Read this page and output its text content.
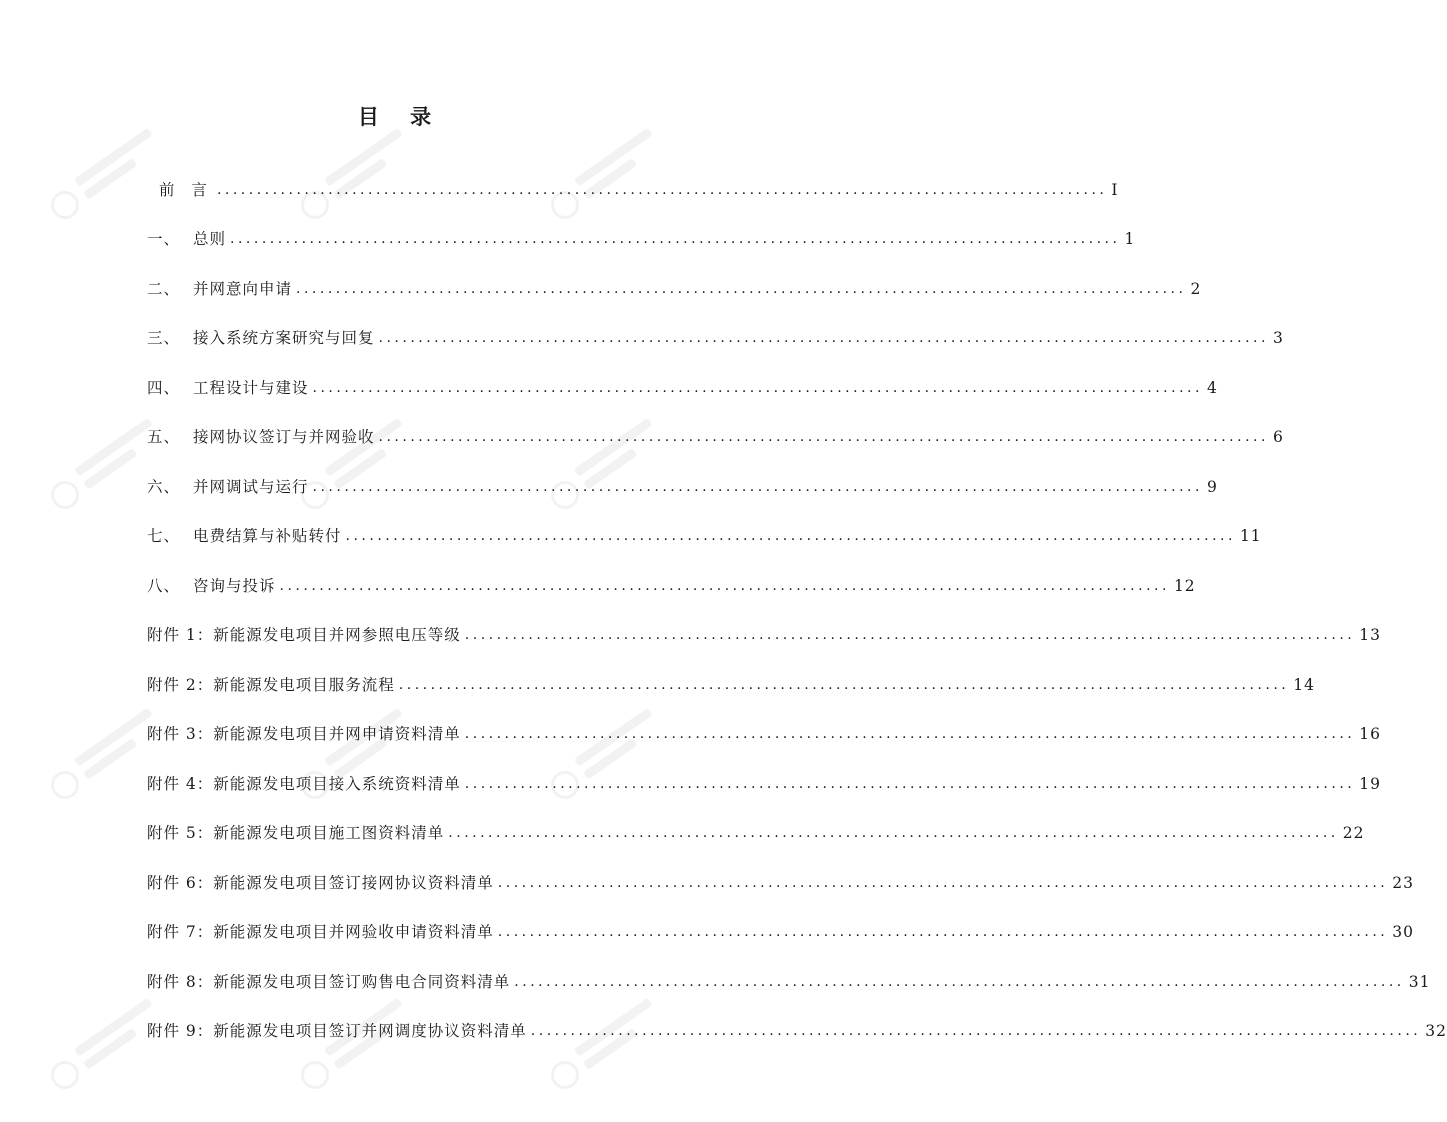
目 录
前 言 ................................................................................................................ I
一、 总则 ................................................................................................................ 1
二、 并网意向申请 ................................................................................................................ 2
三、 接入系统方案研究与回复 ................................................................................................................ 3
四、 工程设计与建设 ................................................................................................................ 4
五、 接网协议签订与并网验收 ................................................................................................................ 6
六、 并网调试与运行 ................................................................................................................ 9
七、 电费结算与补贴转付 ................................................................................................................ 11
八、 咨询与投诉 ................................................................................................................ 12
附件 1：新能源发电项目并网参照电压等级 ................................................................................................................ 13
附件 2：新能源发电项目服务流程 ................................................................................................................ 14
附件 3：新能源发电项目并网申请资料清单 ................................................................................................................ 16
附件 4：新能源发电项目接入系统资料清单 ................................................................................................................ 19
附件 5：新能源发电项目施工图资料清单 ................................................................................................................ 22
附件 6：新能源发电项目签订接网协议资料清单 ................................................................................................................ 23
附件 7：新能源发电项目并网验收申请资料清单 ................................................................................................................ 30
附件 8：新能源发电项目签订购售电合同资料清单 ................................................................................................................ 31
附件 9：新能源发电项目签订并网调度协议资料清单 ................................................................................................................ 32
